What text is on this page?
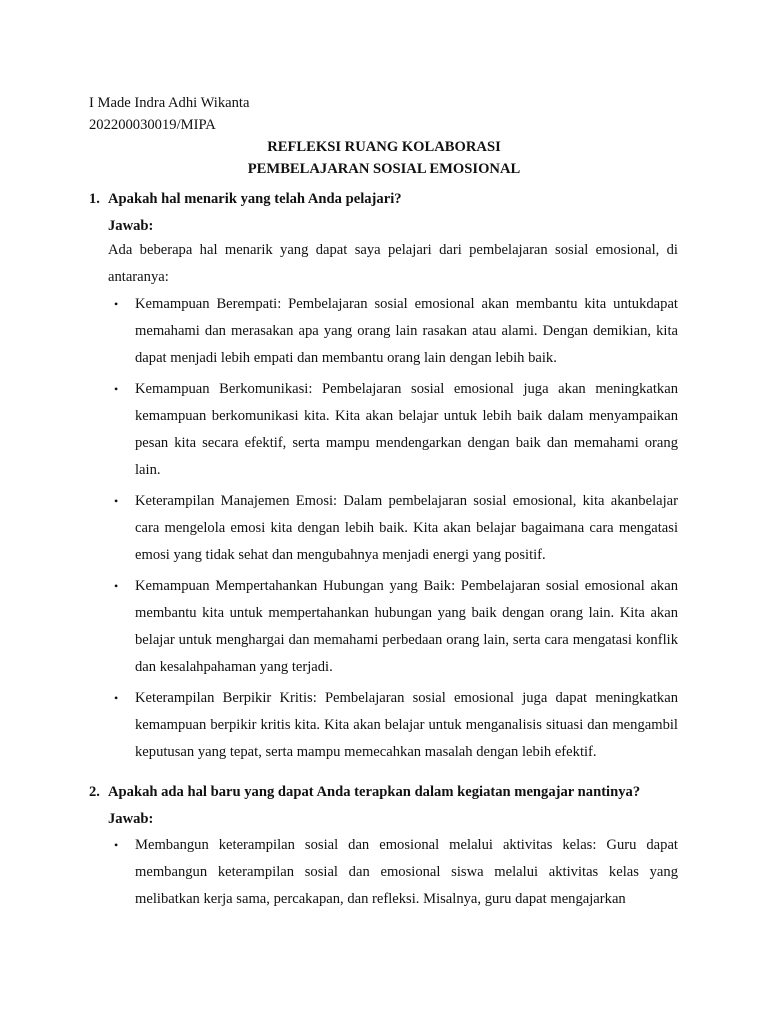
I Made Indra Adhi Wikanta
202200030019/MIPA
REFLEKSI RUANG KOLABORASI
PEMBELAJARAN SOSIAL EMOSIONAL
1. Apakah hal menarik yang telah Anda pelajari?
Jawab:
Ada beberapa hal menarik yang dapat saya pelajari dari pembelajaran sosial emosional, di antaranya:
• Kemampuan Berempati: Pembelajaran sosial emosional akan membantu kita untukdapat memahami dan merasakan apa yang orang lain rasakan atau alami. Dengan demikian, kita dapat menjadi lebih empati dan membantu orang lain dengan lebih baik.
• Kemampuan Berkomunikasi: Pembelajaran sosial emosional juga akan meningkatkan kemampuan berkomunikasi kita. Kita akan belajar untuk lebih baik dalam menyampaikan pesan kita secara efektif, serta mampu mendengarkan dengan baik dan memahami orang lain.
• Keterampilan Manajemen Emosi: Dalam pembelajaran sosial emosional, kita akanbelajar cara mengelola emosi kita dengan lebih baik. Kita akan belajar bagaimana cara mengatasi emosi yang tidak sehat dan mengubahnya menjadi energi yang positif.
• Kemampuan Mempertahankan Hubungan yang Baik: Pembelajaran sosial emosional akan membantu kita untuk mempertahankan hubungan yang baik dengan orang lain. Kita akan belajar untuk menghargai dan memahami perbedaan orang lain, serta cara mengatasi konflik dan kesalahpahaman yang terjadi.
• Keterampilan Berpikir Kritis: Pembelajaran sosial emosional juga dapat meningkatkan kemampuan berpikir kritis kita. Kita akan belajar untuk menganalisis situasi dan mengambil keputusan yang tepat, serta mampu memecahkan masalah dengan lebih efektif.
2. Apakah ada hal baru yang dapat Anda terapkan dalam kegiatan mengajar nantinya?
Jawab:
• Membangun keterampilan sosial dan emosional melalui aktivitas kelas: Guru dapat membangun keterampilan sosial dan emosional siswa melalui aktivitas kelas yang melibatkan kerja sama, percakapan, dan refleksi. Misalnya, guru dapat mengajarkan
